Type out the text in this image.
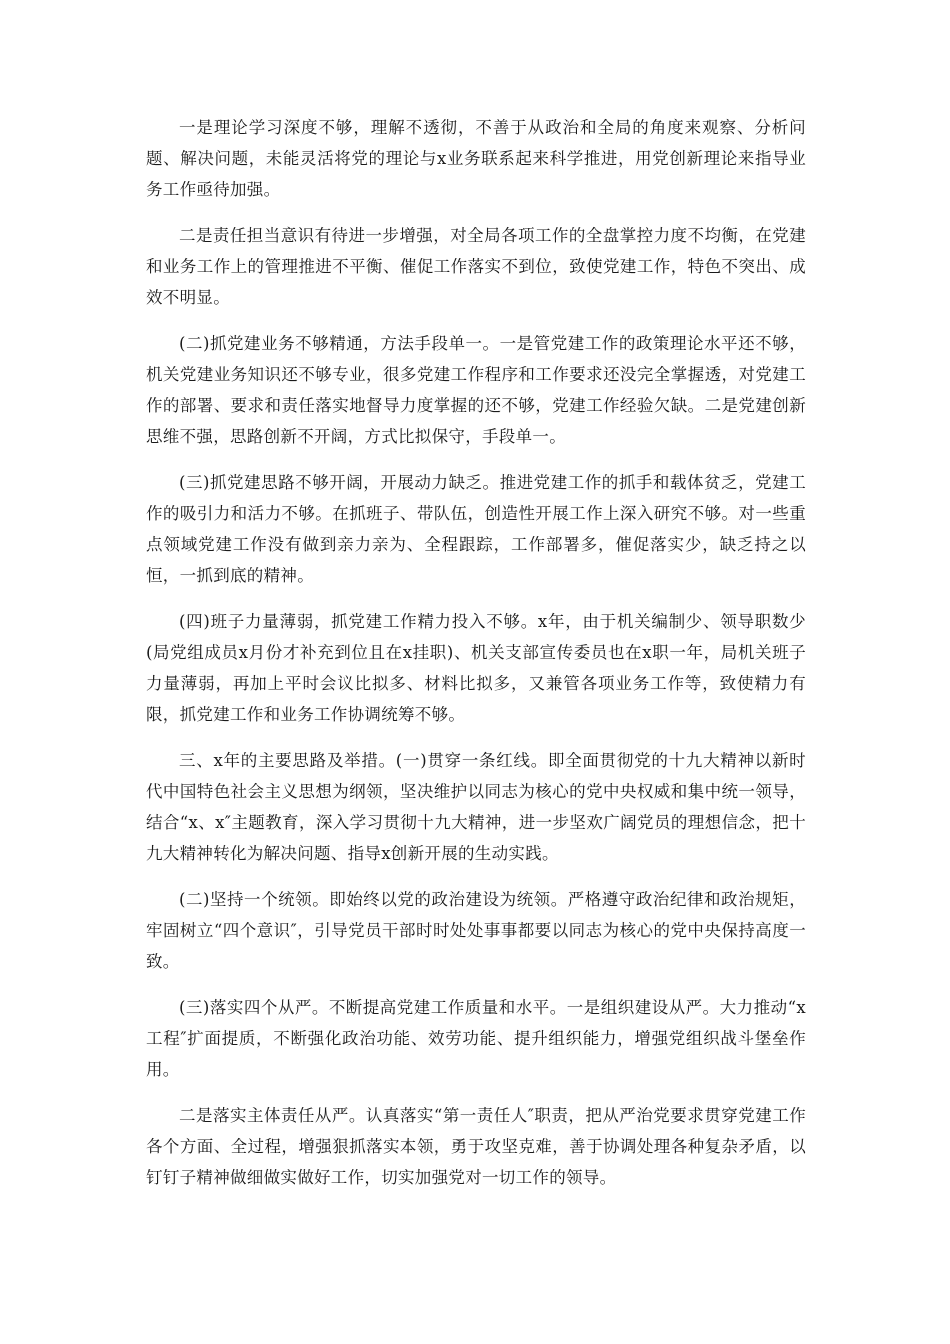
一是理论学习深度不够，理解不透彻，不善于从政治和全局的角度来观察、分析问题、解决问题，未能灵活将党的理论与x业务联系起来科学推进，用党创新理论来指导业务工作亟待加强。

二是责任担当意识有待进一步增强，对全局各项工作的全盘掌控力度不均衡，在党建和业务工作上的管理推进不平衡、催促工作落实不到位，致使党建工作，特色不突出、成效不明显。

(二)抓党建业务不够精通，方法手段单一。一是管党建工作的政策理论水平还不够，机关党建业务知识还不够专业，很多党建工作程序和工作要求还没完全掌握透，对党建工作的部署、要求和责任落实地督导力度掌握的还不够，党建工作经验欠缺。二是党建创新思维不强，思路创新不开阔，方式比拟保守，手段单一。

(三)抓党建思路不够开阔，开展动力缺乏。推进党建工作的抓手和载体贫乏，党建工作的吸引力和活力不够。在抓班子、带队伍，创造性开展工作上深入研究不够。对一些重点领域党建工作没有做到亲力亲为、全程跟踪，工作部署多，催促落实少，缺乏持之以恒，一抓到底的精神。

(四)班子力量薄弱，抓党建工作精力投入不够。x年，由于机关编制少、领导职数少(局党组成员x月份才补充到位且在x挂职)、机关支部宣传委员也在x职一年，局机关班子力量薄弱，再加上平时会议比拟多、材料比拟多，又兼管各项业务工作等，致使精力有限，抓党建工作和业务工作协调统筹不够。

三、x年的主要思路及举措。(一)贯穿一条红线。即全面贯彻党的十九大精神以新时代中国特色社会主义思想为纲领，坚决维护以同志为核心的党中央权威和集中统一领导，结合“x、x″主题教育，深入学习贯彻十九大精神，进一步坚欢广阔党员的理想信念，把十九大精神转化为解决问题、指导x创新开展的生动实践。

(二)坚持一个统领。即始终以党的政治建设为统领。严格遵守政治纪律和政治规矩，牢固树立“四个意识″，引导党员干部时时处处事事都要以同志为核心的党中央保持高度一致。

(三)落实四个从严。不断提高党建工作质量和水平。一是组织建设从严。大力推动“x工程″扩面提质，不断强化政治功能、效劳功能、提升组织能力，增强党组织战斗堡垒作用。

二是落实主体责任从严。认真落实“第一责任人″职责，把从严治党要求贯穿党建工作各个方面、全过程，增强狠抓落实本领，勇于攻坚克难，善于协调处理各种复杂矛盾，以钉钉子精神做细做实做好工作，切实加强党对一切工作的领导。
